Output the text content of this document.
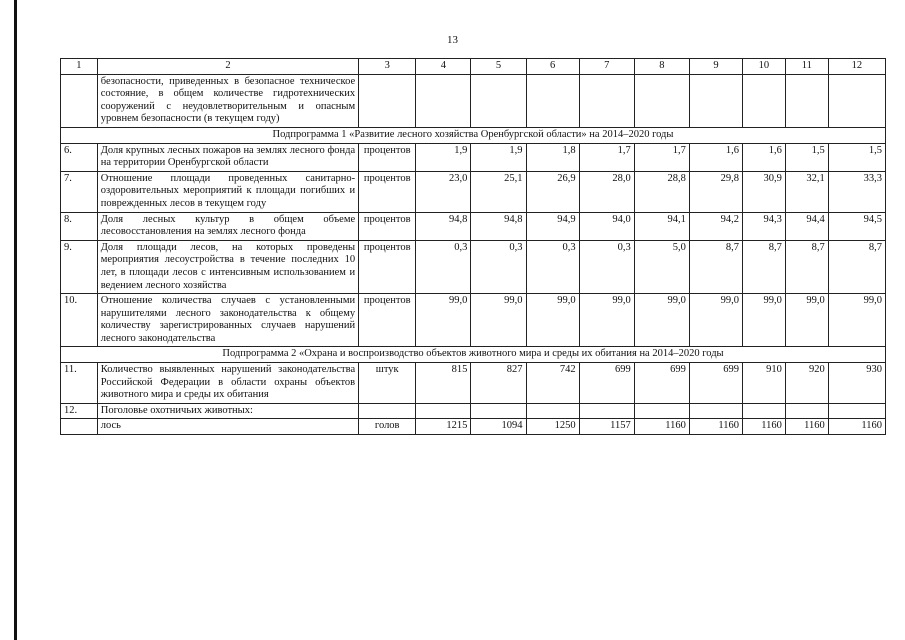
13
1	2	3	4	5	6	7	8	9	10	11	12
	безопасности, приведенных в безопасное техническое состояние, в общем количестве гидротехнических сооружений с неудовлетворительным и опасным уровнем безопасности (в текущем году)										
Подпрограмма 1 «Развитие лесного хозяйства Оренбургской области» на 2014–2020 годы											
6.	Доля крупных лесных пожаров на землях лесного фонда на территории Оренбургской области	процентов	1,9	1,9	1,8	1,7	1,7	1,6	1,6	1,5	1,5
7.	Отношение площади проведенных санитарно-оздоровительных мероприятий к площади погибших и поврежденных лесов в текущем году	процентов	23,0	25,1	26,9	28,0	28,8	29,8	30,9	32,1	33,3
8.	Доля лесных культур в общем объеме лесовосстановления на землях лесного фонда	процентов	94,8	94,8	94,9	94,0	94,1	94,2	94,3	94,4	94,5
9.	Доля площади лесов, на которых проведены мероприятия лесоустройства в течение последних 10 лет, в площади лесов с интенсивным использованием и ведением лесного хозяйства	процентов	0,3	0,3	0,3	0,3	5,0	8,7	8,7	8,7	8,7
10.	Отношение количества случаев с установленными нарушителями лесного законодательства к общему количеству зарегистрированных случаев нарушений лесного законодательства	процентов	99,0	99,0	99,0	99,0	99,0	99,0	99,0	99,0	99,0
Подпрограмма 2 «Охрана и воспроизводство объектов животного мира и среды их обитания на 2014–2020 годы											
11.	Количество выявленных нарушений законодательства Российской Федерации в области охраны объектов животного мира и среды их обитания	штук	815	827	742	699	699	699	910	920	930
12.	Поголовье охотничьих животных:										
	лось	голов	1215	1094	1250	1157	1160	1160	1160	1160	1160
